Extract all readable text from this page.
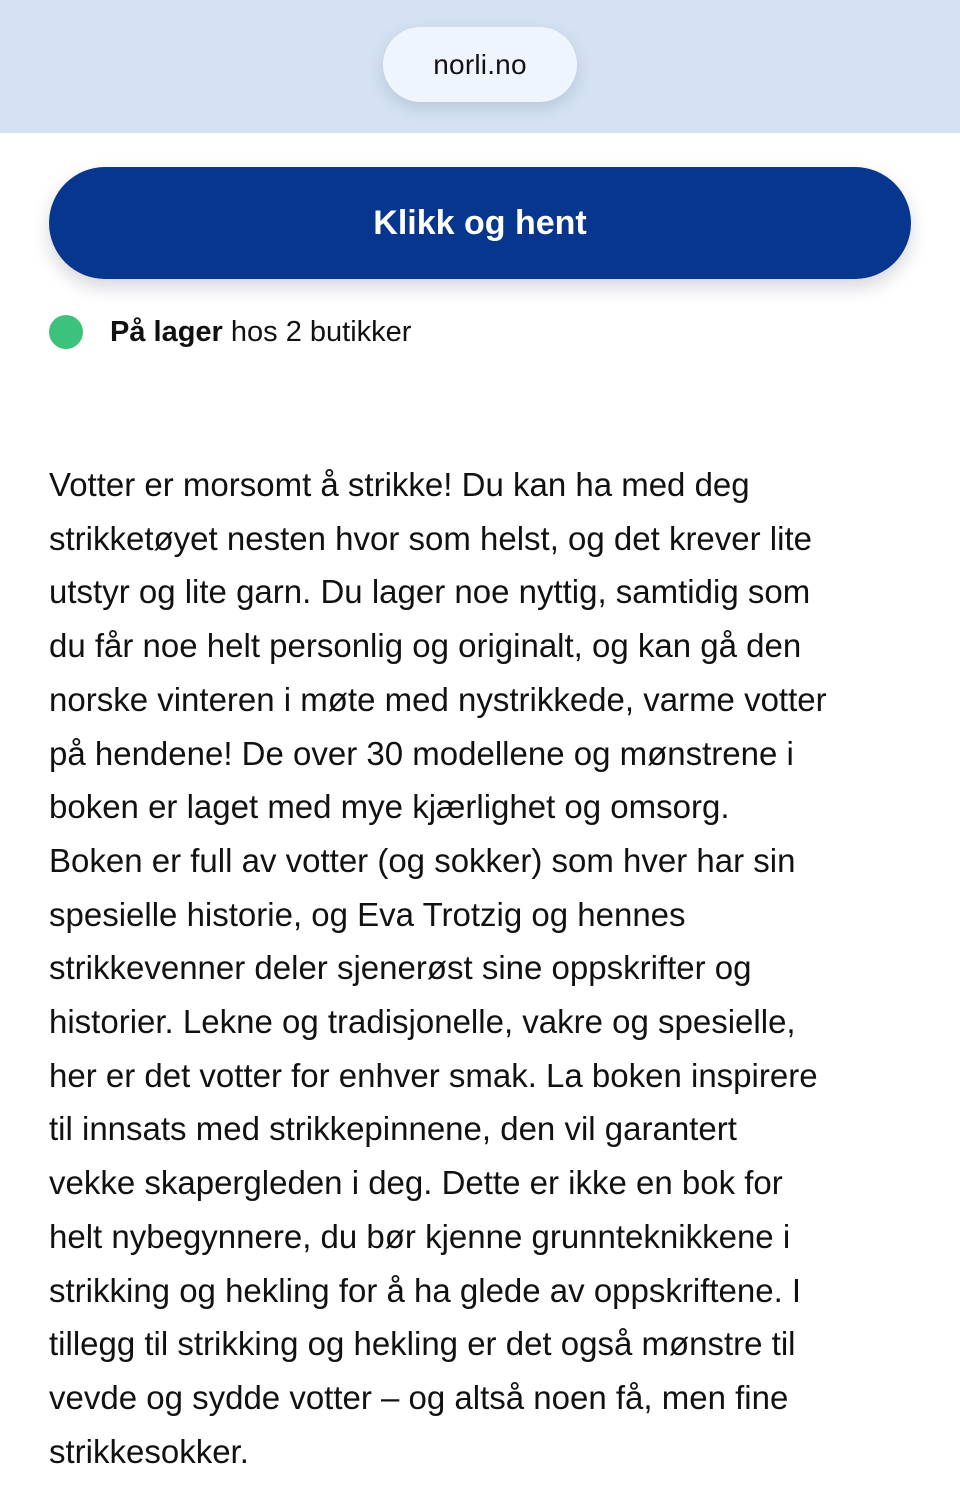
norli.no
Klikk og hent
På lager hos 2 butikker

Votter er morsomt å strikke! Du kan ha med deg
strikketøyet nesten hvor som helst, og det krever lite
utstyr og lite garn. Du lager noe nyttig, samtidig som
du får noe helt personlig og originalt, og kan gå den
norske vinteren i møte med nystrikkede, varme votter
på hendene! De over 30 modellene og mønstrene i
boken er laget med mye kjærlighet og omsorg.
Boken er full av votter (og sokker) som hver har sin
spesielle historie, og Eva Trotzig og hennes
strikkevenner deler sjenerøst sine oppskrifter og
historier. Lekne og tradisjonelle, vakre og spesielle,
her er det votter for enhver smak. La boken inspirere
til innsats med strikkepinnene, den vil garantert
vekke skapergleden i deg. Dette er ikke en bok for
helt nybegynnere, du bør kjenne grunnteknikkene i
strikking og hekling for å ha glede av oppskriftene. I
tillegg til strikking og hekling er det også mønstre til
vevde og sydde votter – og altså noen få, men fine
strikkesokker.
